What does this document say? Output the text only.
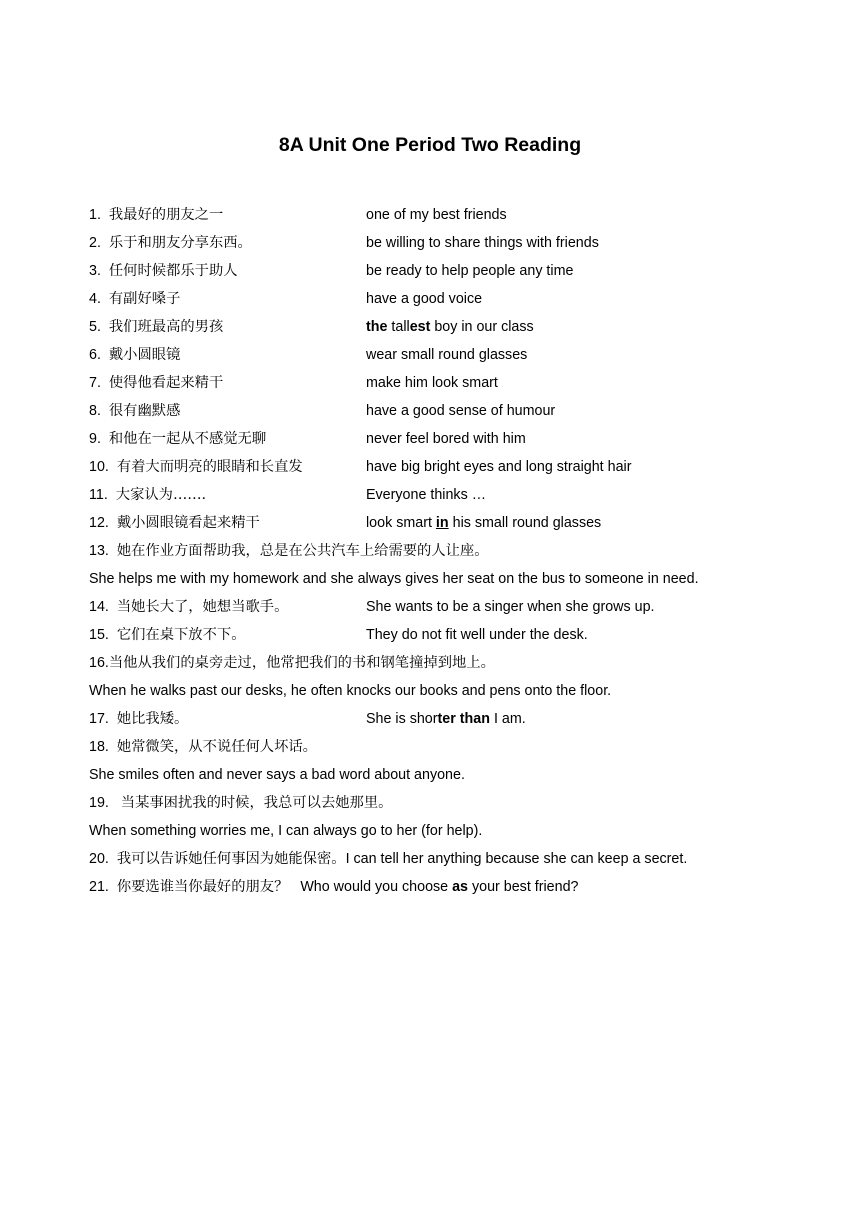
8A Unit One Period Two Reading
1. 我最好的朋友之一	one of my best friends
2. 乐于和朋友分享东西。	be willing to share things with friends
3. 任何时候都乐于助人	be ready to help people any time
4. 有副好嗓子	have a good voice
5. 我们班最高的男孩	the tallest boy in our class
6. 戴小圆眼镜	wear small round glasses
7. 使得他看起来精干	make him look smart
8. 很有幽默感	have a good sense of humour
9. 和他在一起从不感觉无聊	never feel bored with him
10. 有着大而明亮的眼睛和长直发	have big bright eyes and long straight hair
11. 大家认为…….	Everyone thinks …
12. 戴小圆眼镜看起来精干	look smart in his small round glasses
13. 她在作业方面帮助我，总是在公共汽车上给需要的人让座。
She helps me with my homework and she always gives her seat on the bus to someone in need.
14. 当她长大了，她想当歌手。	She wants to be a singer when she grows up.
15. 它们在桌下放不下。	They do not fit well under the desk.
16.当他从我们的桌旁走过，他常把我们的书和钢笔撞掉到地上。
When he walks past our desks, he often knocks our books and pens onto the floor.
17. 她比我矮。	She is shorter than I am.
18. 她常微笑，从不说任何人坏话。
She smiles often and never says a bad word about anyone.
19. 当某事困扰我的时候，我总可以去她那里。
When something worries me, I can always go to her (for help).
20. 我可以告诉她任何事因为她能保密。I can tell her anything because she can keep a secret.
21. 你要选谁当你最好的朋友？ Who would you choose as your best friend?
